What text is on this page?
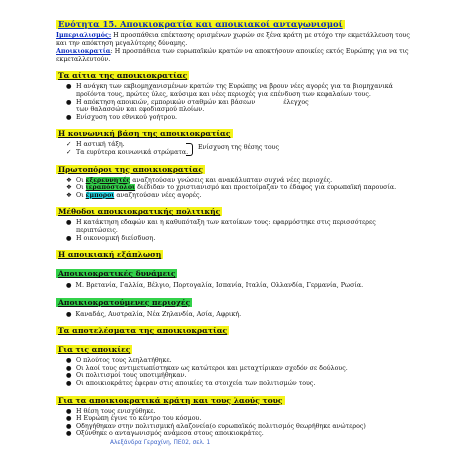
Ενότητα 15. Αποικιοκρατία και αποικιακοί ανταγωνισμοί

Ιμπεριαλισμός: Η προσπάθεια επέκτασης ορισμένων χωρών σε ξένα κράτη με στόχο την εκμετάλλευση τους και την απόκτηση μεγαλύτερης δύναμης.

Αποικιοκρατία: Η προσπάθεια των ευρωπαϊκών κρατών να αποκτήσουν αποικίες εκτός Ευρώπης για να τις εκμεταλλευτούν.

Τα αίτια της αποικιοκρατίας
● Η ανάγκη των εκβιομηχανισμένων κρατών της Ευρώπης να βρουν νέες αγορές για τα βιομηχανικά προϊόντα τους, πρώτες ύλες, καύσιμα και νέες περιοχές για επένδυση των κεφαλαίων τους.
● Η απόκτηση αποικιών, εμπορικών σταθμών και βάσεων	έλεγχος
των θαλασσών και εφοδιασμού πλοίων.
● Ενίσχυση του εθνικού γοήτρου.
Η κοινωνική βάση της αποικιοκρατίας
✓ Η αστική τάξη.
✓ Τα ευρύτερα κοινωνικά στρώματα.
Ενίσχυση της θέσης τους
Πρωτοπόροι της αποικιοκρατίας
❖ Οι εξερευνητές αναζητούσαν γνώσεις και ανακάλυπταν συχνά νέες περιοχές.
❖ Οι ιεραπόστολοι διέδιδαν το χριστιανισμό και προετοίμαζαν το έδαφος για ευρωπαϊκή παρουσία.
❖ Οι έμποροι αναζητούσαν νέες αγορές.
Μέθοδοι αποικιοκρατικής πολιτικής
● Η κατάκτηση εδαφών και η καθυπόταξη των κατοίκων τους: εφαρμόστηκε στις περισσότερες περιπτώσεις.
● Η οικονομική διείσδυση.
Η αποικιακή εξάπλωση
Αποικιοκρατικές δυνάμεις
● Μ. Βρετανία, Γαλλία, Βέλγιο, Πορτογαλία, Ισπανία, Ιταλία, Ολλανδία, Γερμανία, Ρωσία.
Αποικιοκρατούμενες περιοχές
● Καναδάς, Αυστραλία, Νέα Ζηλανδία, Ασία, Αφρική.
Τα αποτελέσματα της αποικιοκρατίας
Για τις αποικίες
● Ο πλούτος τους λεηλατήθηκε.
● Οι λαοί τους αντιμετωπίστηκαν ως κατώτεροι και μεταχτίρικαν σχεδόν σε δούλους.
● Οι πολιτισμοί τους υποτιμήθηκαν.
● Οι αποικιοκράτες έφεραν στις αποικίες τα στοιχεία των πολιτισμών τους.
Για τα αποικιοκρατικά κράτη και τους λαούς τους
● Η θέση τους ενισχύθηκε.
● Η Ευρώπη έγινε το κέντρο του κόσμου.
● Οδηγήθηκαν στην πολιτισμική αλαζονεία(ο ευρωπαϊκός πολιτισμός θεωρήθηκε ανώτερος)
● Οξύνθηκε ο ανταγωνισμός ανάμεσα στους αποικιοκράτες.
Αλεξάνδρα Γεραχίνη, ΠΕ02, σελ. 1
